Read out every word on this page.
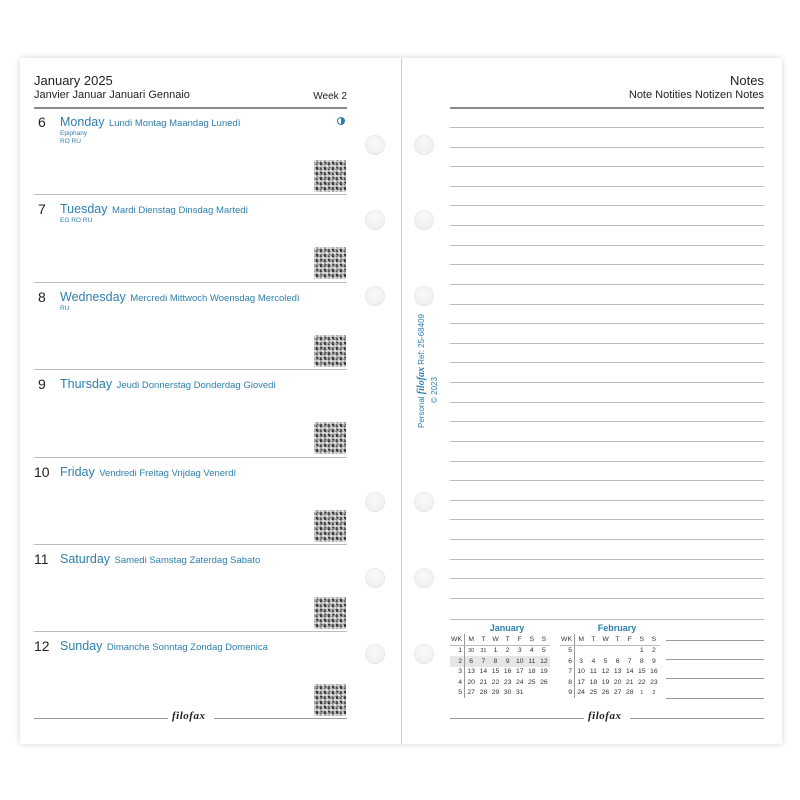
January 2025
Janvier Januar Januari Gennaio	Week 2
6 Monday Lundi Montag Maandag Lunedì
Epiphany
RO RU
7 Tuesday Mardi Dienstag Dinsdag Martedì
EG RO RU
8 Wednesday Mercredi Mittwoch Woensdag Mercoledì
RU
9 Thursday Jeudi Donnerstag Donderdag Giovedì
10 Friday Vendredi Freitag Vrijdag Venerdì
11 Saturday Samedi Samstag Zaterdag Sabato
12 Sunday Dimanche Sonntag Zondag Domenica
filofax
Personal filofax Ref: 25-68409
© 2023
Notes
Note Notities Notizen Notes
January
WK	M	T	W	T	F	S	S
1	30	31	1	2	3	4	5
2	6	7	8	9	10	11	12
3	13	14	15	16	17	18	19
4	20	21	22	23	24	25	26
5	27	28	29	30	31		
February
WK	M	T	W	T	F	S	S
5						1	2
6	3	4	5	6	7	8	9
7	10	11	12	13	14	15	16
8	17	18	19	20	21	22	23
9	24	25	26	27	28	1	2
filofax
